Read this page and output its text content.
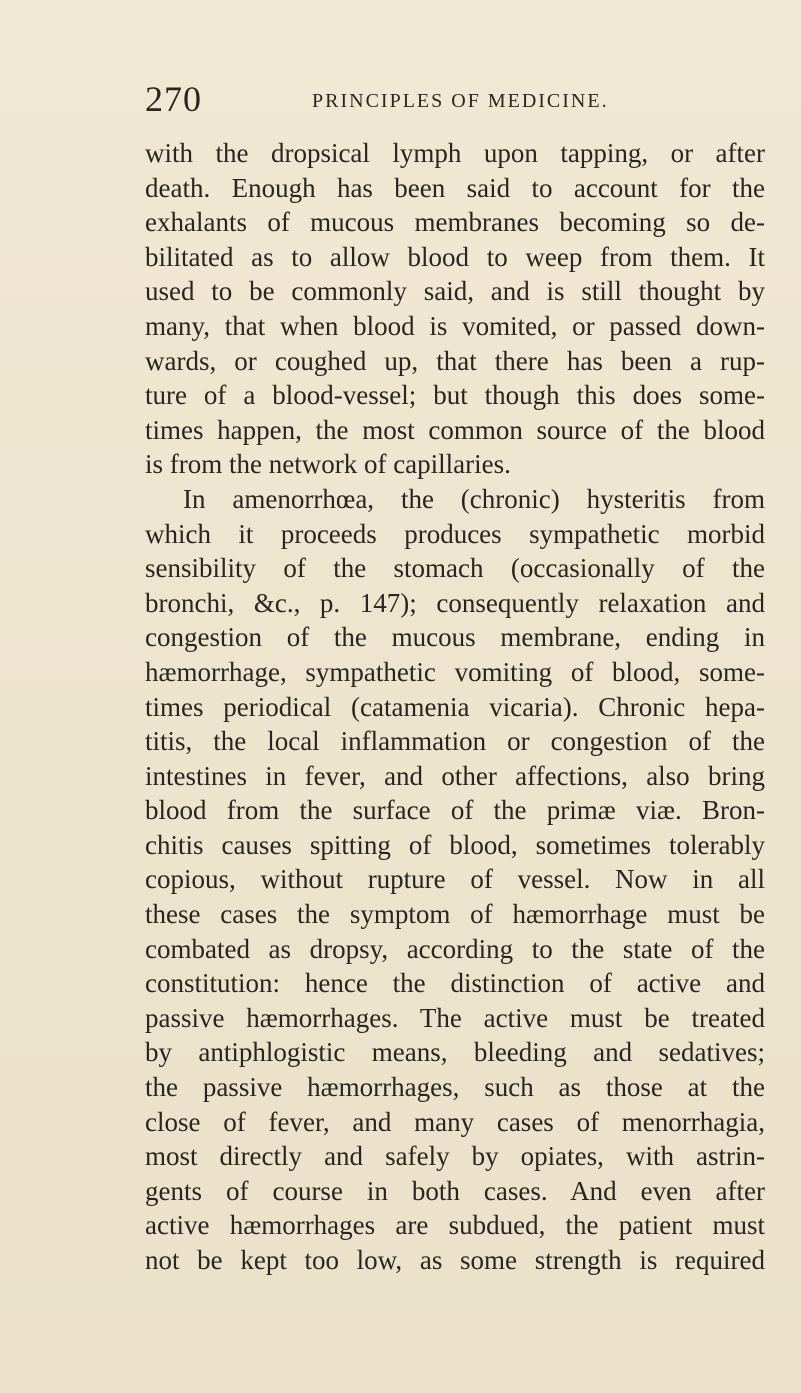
270	PRINCIPLES OF MEDICINE.
with the dropsical lymph upon tapping, or after
death. Enough has been said to account for the
exhalants of mucous membranes becoming so de-
bilitated as to allow blood to weep from them. It
used to be commonly said, and is still thought by
many, that when blood is vomited, or passed down-
wards, or coughed up, that there has been a rup-
ture of a blood-vessel; but though this does some-
times happen, the most common source of the blood
is from the network of capillaries.
In amenorrhœa, the (chronic) hysteritis from
which it proceeds produces sympathetic morbid
sensibility of the stomach (occasionally of the
bronchi, &c., p. 147); consequently relaxation and
congestion of the mucous membrane, ending in
hæmorrhage, sympathetic vomiting of blood, some-
times periodical (catamenia vicaria). Chronic hepa-
titis, the local inflammation or congestion of the
intestines in fever, and other affections, also bring
blood from the surface of the primæ viæ. Bron-
chitis causes spitting of blood, sometimes tolerably
copious, without rupture of vessel. Now in all
these cases the symptom of hæmorrhage must be
combated as dropsy, according to the state of the
constitution: hence the distinction of active and
passive hæmorrhages. The active must be treated
by antiphlogistic means, bleeding and sedatives;
the passive hæmorrhages, such as those at the
close of fever, and many cases of menorrhagia,
most directly and safely by opiates, with astrin-
gents of course in both cases. And even after
active hæmorrhages are subdued, the patient must
not be kept too low, as some strength is required
